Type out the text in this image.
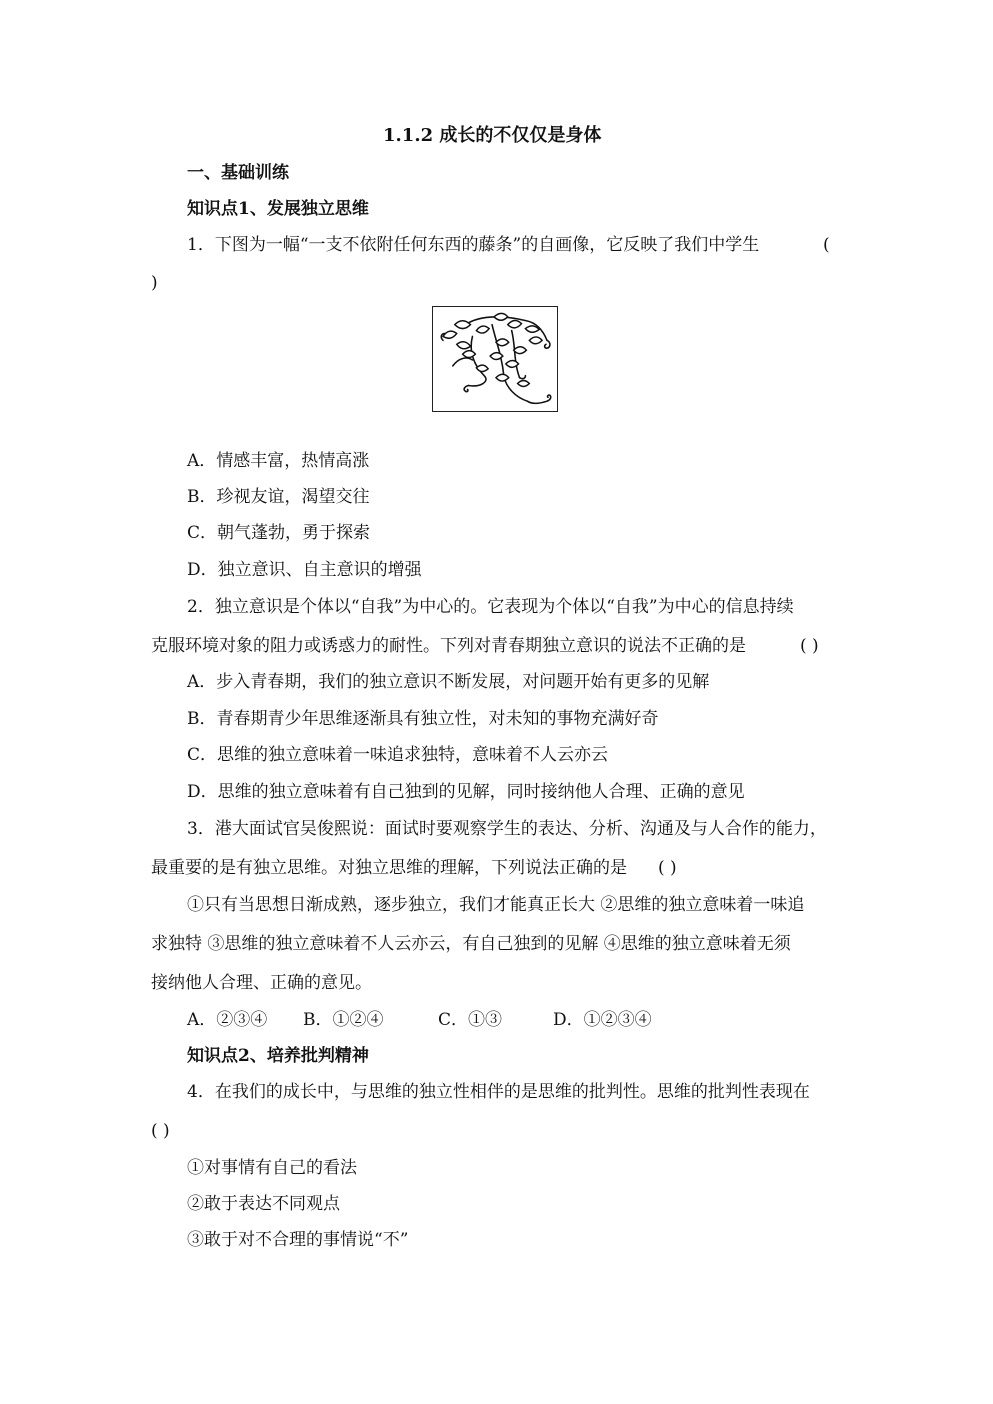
1.1.2 成长的不仅仅是身体
一、基础训练
知识点1、发展独立思维
1．下图为一幅“一支不依附任何东西的藤条”的自画像，它反映了我们中学生	(
)
A．情感丰富，热情高涨
B．珍视友谊，渴望交往
C．朝气蓬勃，勇于探索
D．独立意识、自主意识的增强
2．独立意识是个体以“自我”为中心的。它表现为个体以“自我”为中心的信息持续
克服环境对象的阻力或诱惑力的耐性。下列对青春期独立意识的说法不正确的是	( )
A．步入青春期，我们的独立意识不断发展，对问题开始有更多的见解
B．青春期青少年思维逐渐具有独立性，对未知的事物充满好奇
C．思维的独立意味着一味追求独特，意味着不人云亦云
D．思维的独立意味着有自己独到的见解，同时接纳他人合理、正确的意见
3．港大面试官吴俊熙说：面试时要观察学生的表达、分析、沟通及与人合作的能力，
最重要的是有独立思维。对独立思维的理解，下列说法正确的是 ( )
①只有当思想日渐成熟，逐步独立，我们才能真正长大 ②思维的独立意味着一味追
求独特 ③思维的独立意味着不人云亦云，有自己独到的见解 ④思维的独立意味着无须
接纳他人合理、正确的意见。
A．②③④ B．①②④	C．①③	D．①②③④
知识点2、培养批判精神
4．在我们的成长中，与思维的独立性相伴的是思维的批判性。思维的批判性表现在
( )
①对事情有自己的看法
②敢于表达不同观点
③敢于对不合理的事情说“不”
